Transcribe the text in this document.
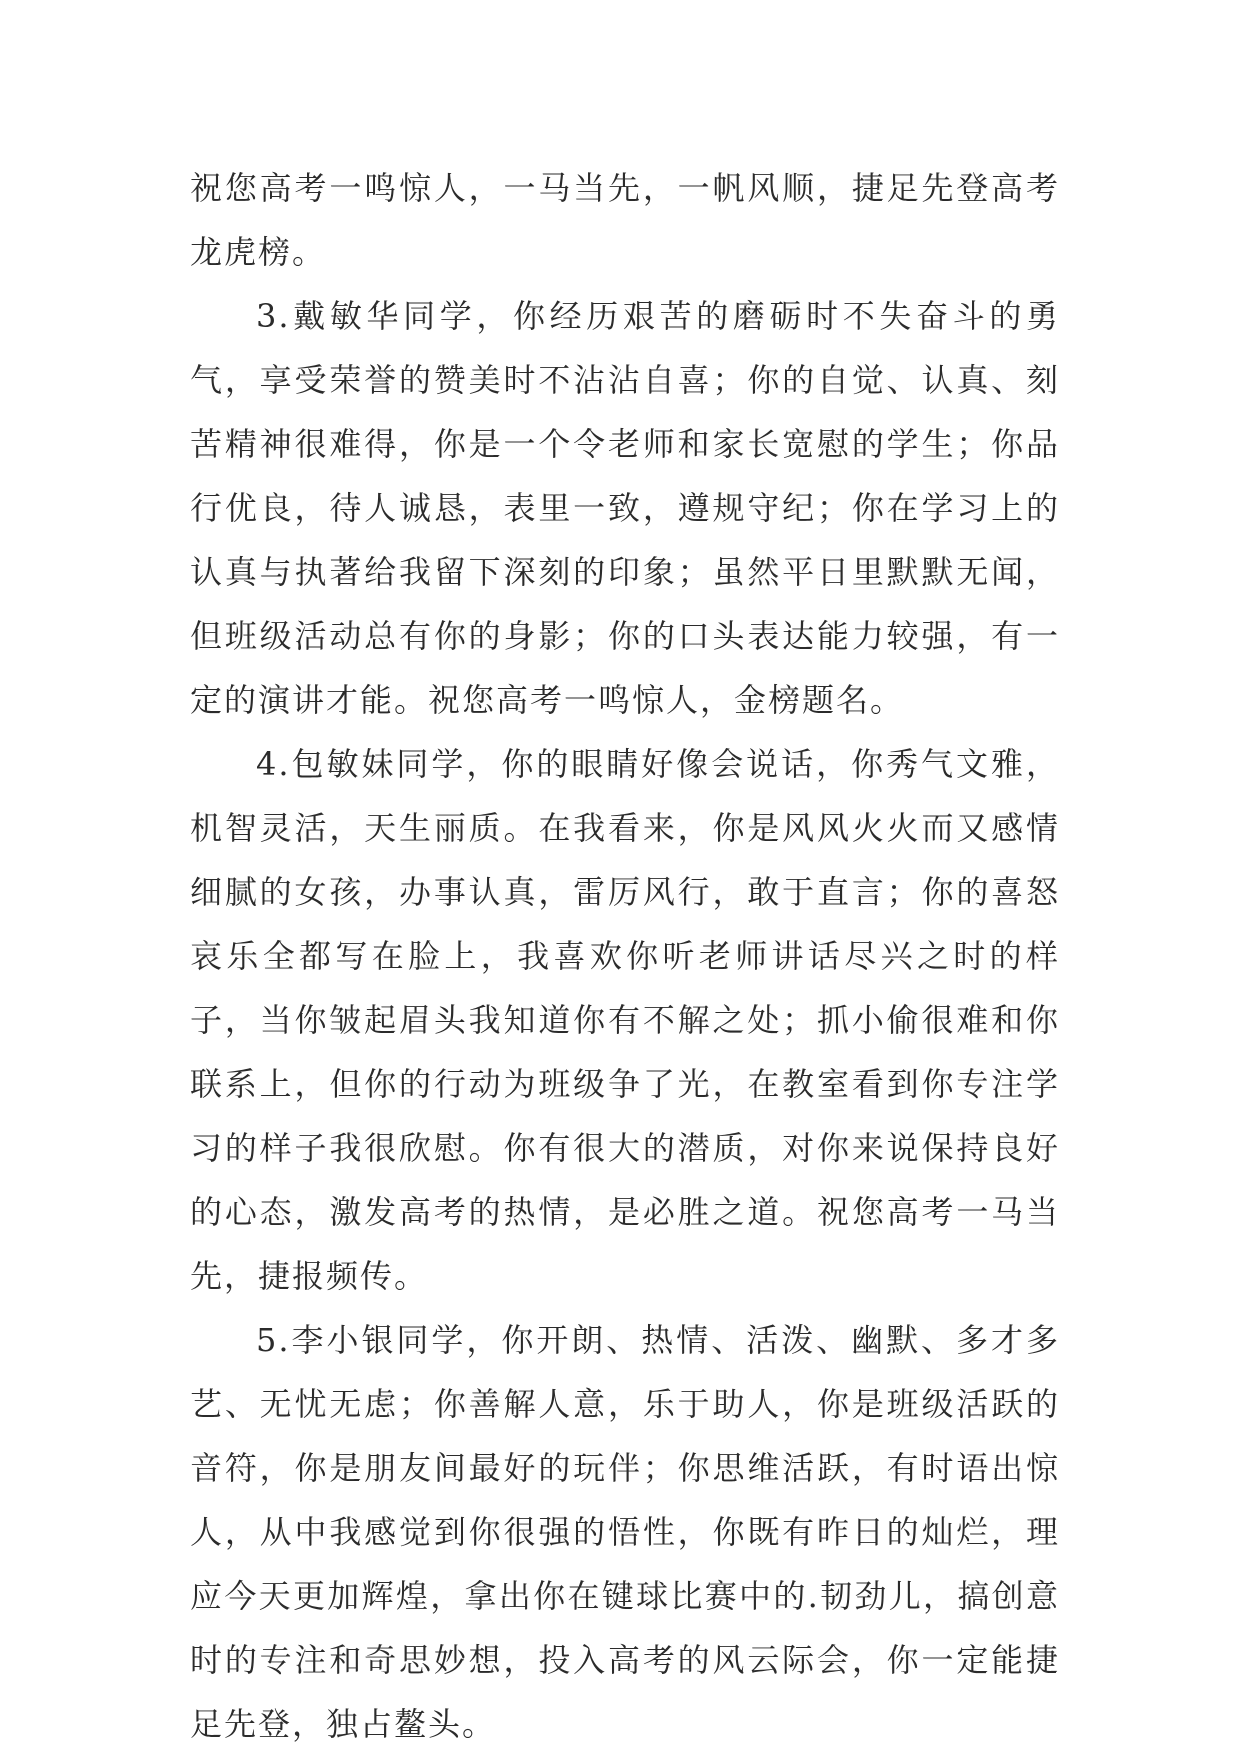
祝您高考一鸣惊人，一马当先，一帆风顺，捷足先登高考龙虎榜。

3.戴敏华同学，你经历艰苦的磨砺时不失奋斗的勇气，享受荣誉的赞美时不沾沾自喜；你的自觉、认真、刻苦精神很难得，你是一个令老师和家长宽慰的学生；你品行优良，待人诚恳，表里一致，遵规守纪；你在学习上的认真与执著给我留下深刻的印象；虽然平日里默默无闻，但班级活动总有你的身影；你的口头表达能力较强，有一定的演讲才能。祝您高考一鸣惊人，金榜题名。

4.包敏妹同学，你的眼睛好像会说话，你秀气文雅，机智灵活，天生丽质。在我看来，你是风风火火而又感情细腻的女孩，办事认真，雷厉风行，敢于直言；你的喜怒哀乐全都写在脸上，我喜欢你听老师讲话尽兴之时的样子，当你皱起眉头我知道你有不解之处；抓小偷很难和你联系上，但你的行动为班级争了光，在教室看到你专注学习的样子我很欣慰。你有很大的潜质，对你来说保持良好的心态，激发高考的热情，是必胜之道。祝您高考一马当先，捷报频传。

5.李小银同学，你开朗、热情、活泼、幽默、多才多艺、无忧无虑；你善解人意，乐于助人，你是班级活跃的音符，你是朋友间最好的玩伴；你思维活跃，有时语出惊人，从中我感觉到你很强的悟性，你既有昨日的灿烂，理应今天更加辉煌，拿出你在键球比赛中的.韧劲儿，搞创意时的专注和奇思妙想，投入高考的风云际会，你一定能捷足先登，独占鳌头。
